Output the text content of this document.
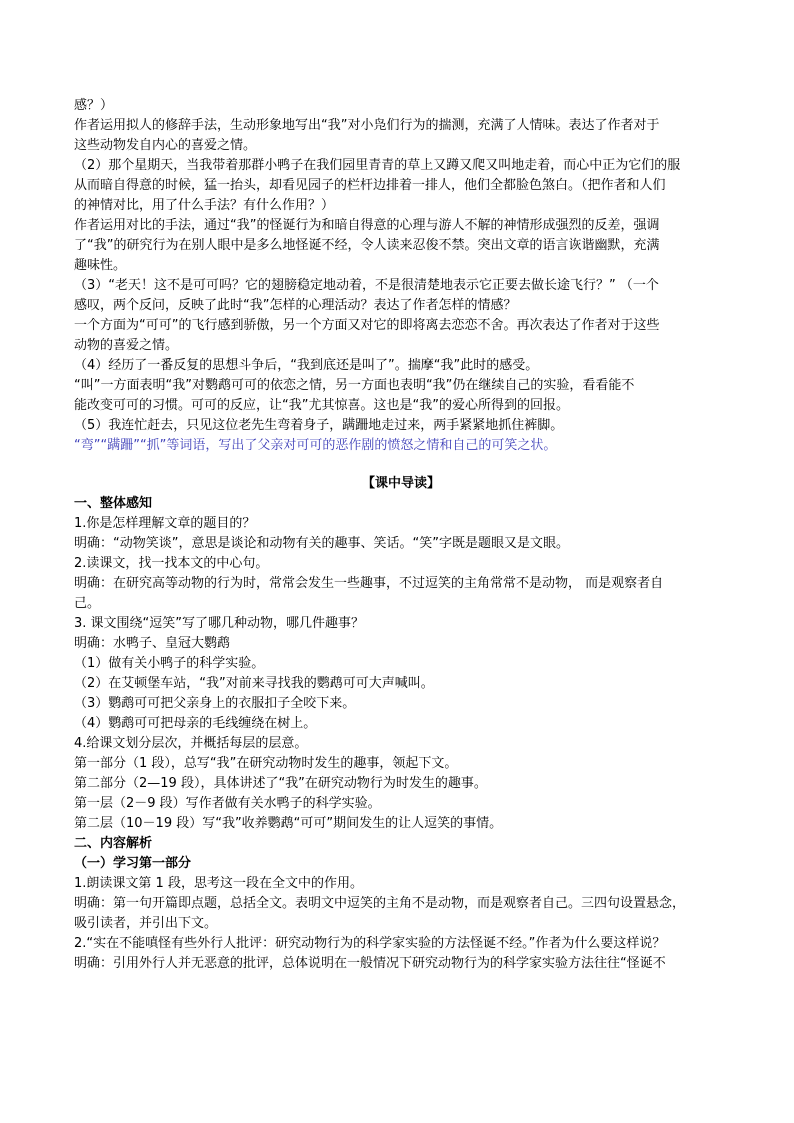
感？）
作者运用拟人的修辞手法，生动形象地写出“我”对小凫们行为的揣测，充满了人情味。表达了作者对于
这些动物发自内心的喜爱之情。
（2）那个星期天，当我带着那群小鸭子在我们园里青青的草上又蹲又爬又叫地走着，而心中正为它们的服
从而暗自得意的时候，猛一抬头，却看见园子的栏杆边排着一排人，他们全都脸色煞白。（把作者和人们
的神情对比，用了什么手法？有什么作用？）
作者运用对比的手法，通过“我”的怪诞行为和暗自得意的心理与游人不解的神情形成强烈的反差，强调
了“我”的研究行为在别人眼中是多么地怪诞不经，令人读来忍俊不禁。突出文章的语言诙谐幽默，充满
趣味性。
（3）“老天！这不是可可吗？它的翅膀稳定地动着，不是很清楚地表示它正要去做长途飞行？” （一个
感叹，两个反问，反映了此时“我”怎样的心理活动？表达了作者怎样的情感？
一个方面为“可可”的飞行感到骄傲，另一个方面又对它的即将离去恋恋不舍。再次表达了作者对于这些
动物的喜爱之情。
（4）经历了一番反复的思想斗争后，“我到底还是叫了”。揣摩“我”此时的感受。
“叫”一方面表明“我”对鹦鹉可可的依恋之情，另一方面也表明“我”仍在继续自己的实验，看看能不
能改变可可的习惯。可可的反应，让“我”尤其惊喜。这也是“我”的爱心所得到的回报。
（5）我连忙赶去，只见这位老先生弯着身子，蹒跚地走过来，两手紧紧地抓住裤脚。
“弯”“蹒跚”“抓”等词语，写出了父亲对可可的恶作剧的愤怒之情和自己的可笑之状。
【课中导读】
一、整体感知
1.你是怎样理解文章的题目的？
明确：“动物笑谈”，意思是谈论和动物有关的趣事、笑话。“笑”字既是题眼又是文眼。
2.读课文，找一找本文的中心句。
明确：在研究高等动物的行为时，常常会发生一些趣事，不过逗笑的主角常常不是动物， 而是观察者自
己。
3. 课文围绕“逗笑”写了哪几种动物，哪几件趣事？
明确：水鸭子、皇冠大鹦鹉
（1）做有关小鸭子的科学实验。
（2）在艾顿堡车站，“我”对前来寻找我的鹦鹉可可大声喊叫。
（3）鹦鹉可可把父亲身上的衣服扣子全咬下来。
（4）鹦鹉可可把母亲的毛线缠绕在树上。
4.给课文划分层次，并概括每层的层意。
第一部分（1 段），总写“我”在研究动物时发生的趣事，领起下文。
第二部分（2—19 段），具体讲述了“我”在研究动物行为时发生的趣事。
第一层（2－9 段）写作者做有关水鸭子的科学实验。
第二层（10－19 段）写“我”收养鹦鹉“可可”期间发生的让人逗笑的事情。
二、内容解析
（一）学习第一部分
1.朗读课文第 1 段，思考这一段在全文中的作用。
明确：第一句开篇即点题，总括全文。表明文中逗笑的主角不是动物，而是观察者自己。三四句设置悬念，
吸引读者，并引出下文。
2.“实在不能嗔怪有些外行人批评：研究动物行为的科学家实验的方法怪诞不经。”作者为什么要这样说？
明确：引用外行人并无恶意的批评，总体说明在一般情况下研究动物行为的科学家实验方法往往“怪诞不
